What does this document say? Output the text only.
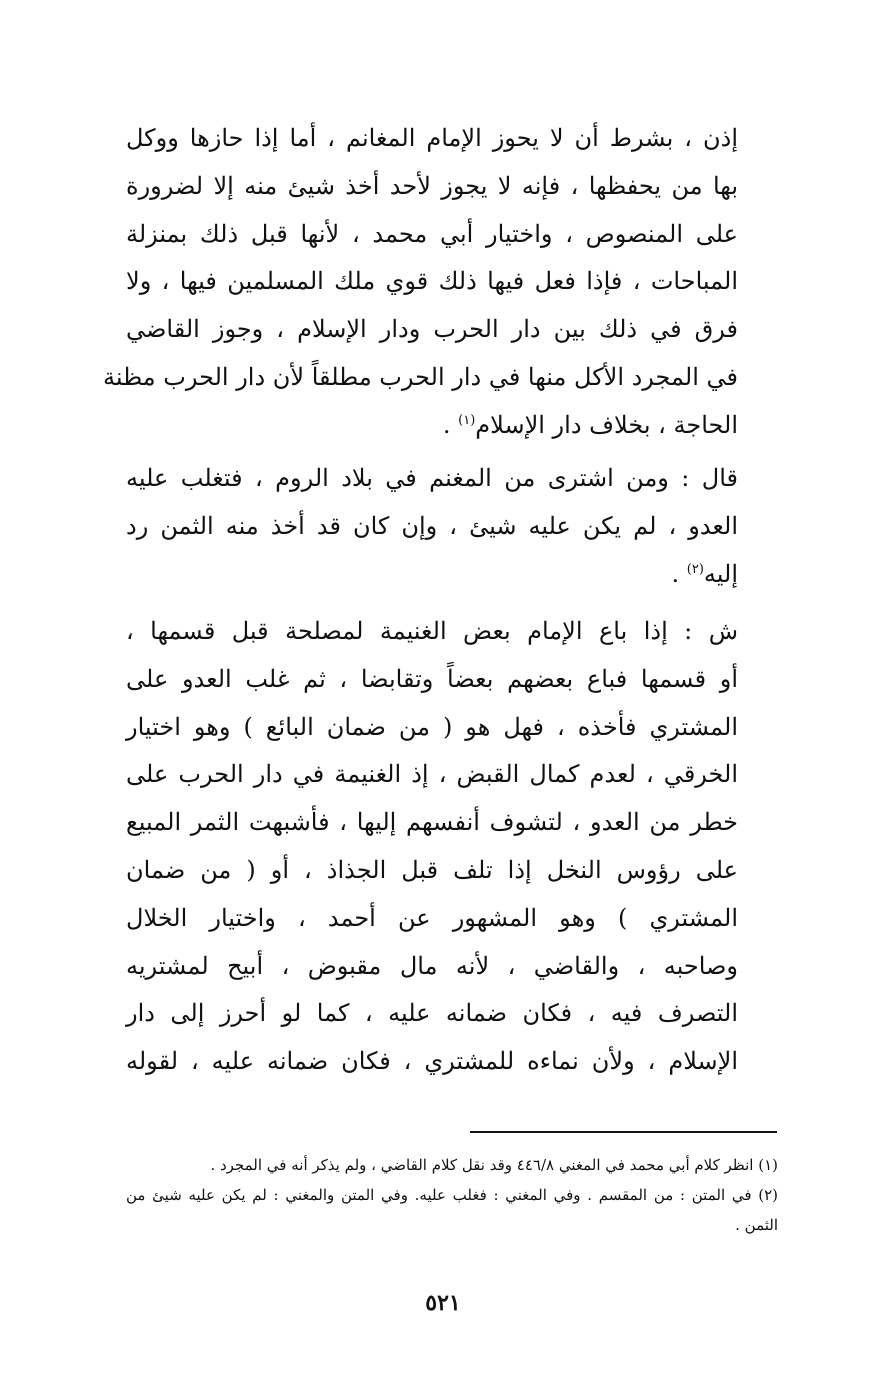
إذن ، بشرط أن لا يحوز الإمام المغانم ، أما إذا حازها ووكل
بها من يحفظها ، فإنه لا يجوز لأحد أخذ شيئ منه إلا لضرورة
على المنصوص ، واختيار أبي محمد ، لأنها قبل ذلك بمنزلة
المباحات ، فإذا فعل فيها ذلك قوي ملك المسلمين فيها ، ولا
فرق في ذلك بين دار الحرب ودار الإسلام ، وجوز القاضي
في المجرد الأكل منها في دار الحرب مطلقاً لأن دار الحرب مظنة
الحاجة ، بخلاف دار الإسلام$^{(١)}$ .
قال : ومن اشترى من المغنم في بلاد الروم ، فتغلب عليه
العدو ، لم يكن عليه شيئ ، وإن كان قد أخذ منه الثمن رد
إليه$^{(٢)}$ .
ش : إذا باع الإمام بعض الغنيمة لمصلحة قبل قسمها ،
أو قسمها فباع بعضهم بعضاً وتقابضا ، ثم غلب العدو على
المشتري فأخذه ، فهل هو ( من ضمان البائع ) وهو اختيار
الخرقي ، لعدم كمال القبض ، إذ الغنيمة في دار الحرب على
خطر من العدو ، لتشوف أنفسهم إليها ، فأشبهت الثمر المبيع
على رؤوس النخل إذا تلف قبل الجذاذ ، أو ( من ضمان
المشتري ) وهو المشهور عن أحمد ، واختيار الخلال
وصاحبه ، والقاضي ، لأنه مال مقبوض ، أبيح لمشتريه
التصرف فيه ، فكان ضمانه عليه ، كما لو أحرز إلى دار
الإسلام ، ولأن نماءه للمشتري ، فكان ضمانه عليه ، لقوله
(١) انظر كلام أبي محمد في المغني ٤٤٦/٨ وقد نقل كلام القاضي ، ولم يذكر أنه في المجرد .
(٢) في المتن : من المقسم . وفي المغني : فغلب عليه. وفي المتن والمغني : لم يكن عليه شيئ من
الثمن .
٥٢١
